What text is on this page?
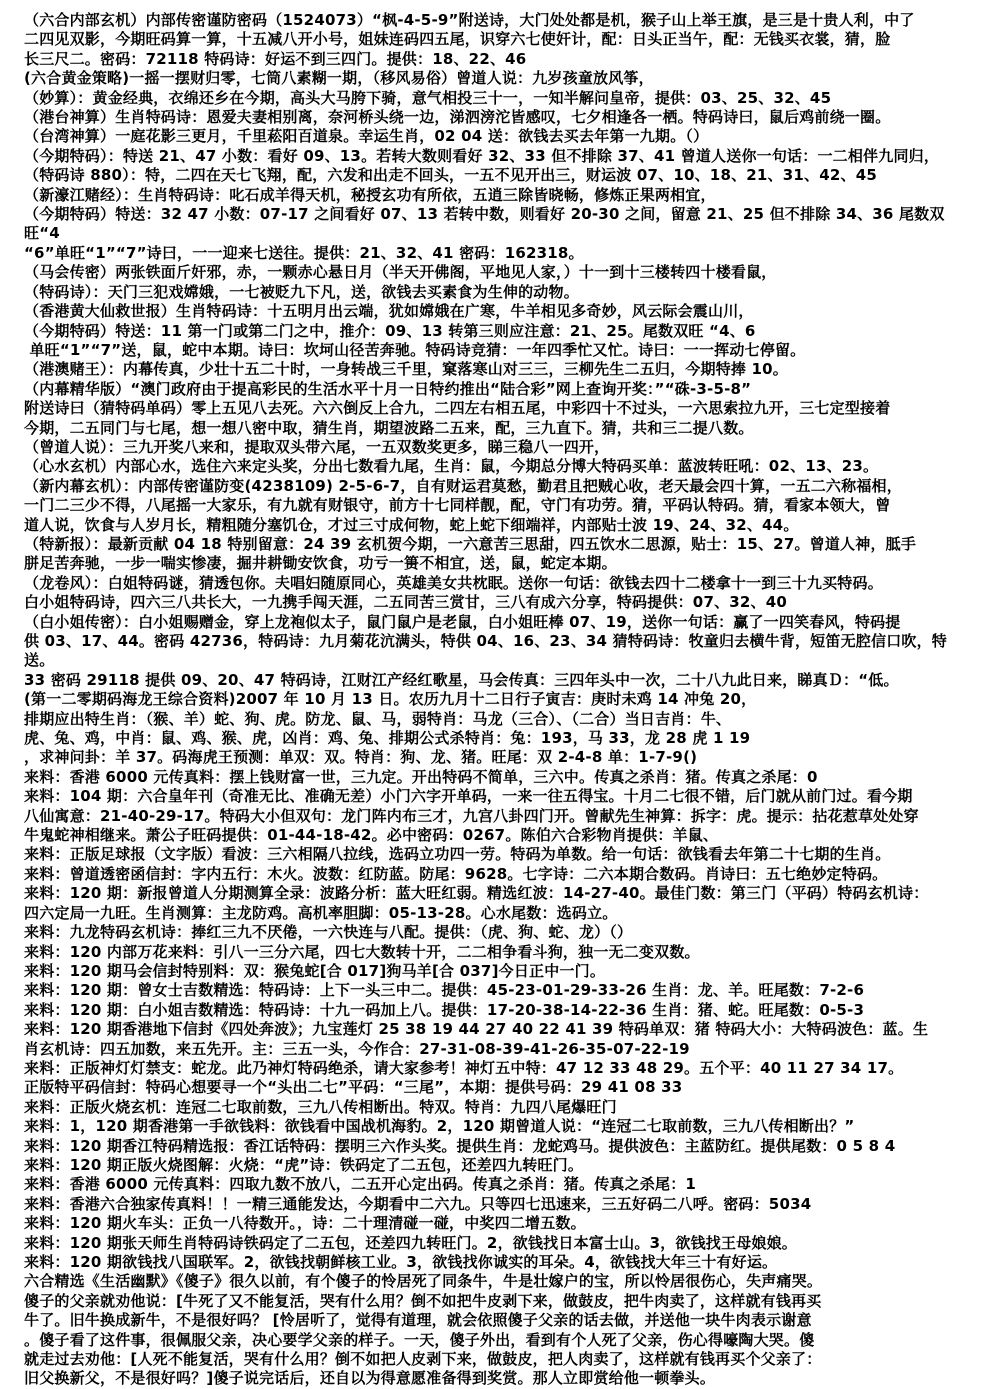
（六合内部玄机）内部传密谨防密码（1524073）“枫-4-5-9”附送诗，大门处处都是机，猴子山上举王旗，是三是十贵人利，中了
二四见双影，今期旺码算一算，十五减八开小号，姐妹连码四五尾，识穿六七使奸计，配：日头正当午，配：无钱买衣裳，猜，脸
长三尺二。密码：72118 特码诗：好运不到三四门。提供：18、22、46
(六合黄金策略)一摇一摆财归零，七筒八素糊一期，（移风易俗）曾道人说：九岁孩童放风筝，
（妙算）：黄金经典，衣绵还乡在今期，高头大马胯下骑，意气相投三十一，一知半解问皇帝，提供：03、25、32、45
（港台神算）生肖特码诗：恩爱夫妻相别离，奈河桥头绕一边，涕泗滂沱皆感叹，七夕相逢各一栖。特码诗曰，鼠后鸡前绕一圈。
（台湾神算）一庭花影三更月，千里菘阳百道泉。幸运生肖，02 04 送：欲钱去买去年第一九期。（）
（今期特码）：特送 21、47 小数：看好 09、13。若转大数则看好 32、33 但不排除 37、41 曾道人送你一句话：一二相伴九同归，
（特码诗 880）：特，二四在天七飞翔，配，六发和出走不回头，一五不见开出三，财运波 07、10、18、21、31、42、45
（新濠江赌经）：生肖特码诗：叱石成羊得天机，秘授玄功有所依，五逍三除皆晓畅，修炼正果两相宜，
（今期特码）特送：32 47 小数：07-17 之间看好 07、13 若转中数，则看好 20-30 之间，留意 21、25 但不排除 34、36 尾数双旺“4
“6”单旺“1”“7”诗曰，一一迎来七送往。提供：21、32、41 密码：162318。
（马会传密）两张铁面斤奸邪，赤，一颗赤心悬日月（半天开佛阁，平地见人家，）十一到十三楼转四十楼看鼠，
（特码诗）：天门三犯戏嫦娥，一七被贬九下凡，送，欲钱去买素食为生伸的动物。
（香港黄大仙救世报）生肖特码诗：十五明月出云端，犹如嫦娥在广寒，牛羊相见多奇妙，风云际会震山川，
（今期特码）特送：11 第一门或第二门之中，推介：09、13 转第三则应注意：21、25。尾数双旺 “4、6
单旺“1”“7”送，鼠，蛇中本期。诗曰：坎坷山径苦奔驰。特码诗竞猜：一年四季忙又忙。诗曰：一一挥动七停留。
（港澳赌王）：内幕传真，少壮十五二十时，一身转战三千里，窠落寒山对三三，三柳先生二五归，今期特捧 10。
（内幕精华版）“澳门政府由于提高彩民的生活水平十月一日特约推出“陆合彩”网上查询开奖：”“硃-3-5-8”
附送诗曰（猜特码单码）零上五见八去死。六六倒反上合九，二四左右相五尾，中彩四十不过头，一六思索拉九开，三七定型接着
今期，二五同门与七尾，想一想八密中取，猜生肖，期望波路二五来，配，三九直下。猜，共和三二提八数。
（曾道人说）：三九开奖八来和，提取双头带六尾，一五双数奖更多，睇三稳八一四开，
（心水玄机）内部心水，选住六来定头奖，分出七数看九尾，生肖：鼠，今期总分博大特码买单：蓝波转旺吼：02、13、23。
（新内幕玄机）：内部传密谨防变(4238109) 2-5-6-7，自有财运君莫愁，勤君且把贼心收，老天最会四十算，一五二六称福相，
一门二三少不得，八尾摇一大家乐，有九就有财银守，前方十七同样靓，配，守门有功劳。猜，平码认特码。猜，看家本领大，曾
道人说，饮食与人岁月长，精粗随分塞饥仓，才过三寸成何物，蛇上蛇下细端祥，内部贴士波 19、24、32、44。
（特新报）：最新贡献 04 18 特别留意：24 39 玄机贺今期，一六意苦三思甜，四五饮水二思源，贴士：15、27。曾道人神，胝手
胼足苦奔驰，一步一喘实惨凄，掘井耕锄安饮食，功亏一篑不相宜，送，鼠，蛇定本期。
（龙卷风）：白姐特码谜，猜透包你。夫唱妇随原同心，英雄美女共枕眠。送你一句话：欲钱去四十二楼拿十一到三十九买特码。
白小姐特码诗，四六三八共长大，一九携手闯天涯，二五同苦三赏甘，三八有成六分享，特码提供：07、32、40
（白小姐传密）：白小姐赐赠金，穿上龙袍似太子，鼠门鼠户是老鼠，白小姐旺棒 07、19，送你一句话：赢了一四笑春风，特码提
供 03、17、44。密码 42736，特码诗：九月菊花沆满头，特供 04、16、23、34 猜特码诗：牧童归去横牛背，短笛无腔信口吹，特送。
33 密码 29118 提供 09、20、47 特码诗，江财江产经红歌星，马会传真：三四年头中一次，二十八九此日来，睇真Ｄ：“低。
(第一二零期码海龙王综合资料)2007 年 10 月 13 日。农历九月十二日行子寅吉：庚时未鸡 14 冲兔 20，
排期应出特生肖：（猴、羊）蛇、狗、虎。防龙、鼠、马，弱特肖：马龙（三合）、（二合）当日吉肖：牛、
虎、兔、鸡，中肖：鼠、鸡、猴、虎，凶肖：鸡、兔、排期公式杀特肖：兔：193，马 33，龙 28 虎 1 19
，求神问卦：羊 37。码海虎王预测：单双：双。特肖：狗、龙、猪。旺尾：双 2-4-8 单：1-7-9()
来料：香港 6000 元传真料：摆上钱财富一世，三九定。开出特码不简单，三六中。传真之杀肖：猪。传真之杀尾：0
来料：104 期：六合皇年刊（奇准无比、准确无差）小门六字开单码，一来一往五得宝。十月二七很不错，后门就从前门过。看今期
八仙寓意：21-40-29-17。特码大小但双句：龙门阵内布三才，九宫八卦四门开。曾献先生神算：拆字：虎。提示：拈花惹草处处穿
牛鬼蛇神相继来。萧公子旺码提供：01-44-18-42。必中密码：0267。陈伯六合彩物肖提供：羊鼠、
来料：正版足球报（文字版）看波：三六相隔八拉线，选码立功四一劳。特码为单数。给一句话：欲钱看去年第二十七期的生肖。
来料：曾道透密函信封：字内五行：木火。波数：红防蓝。防尾：9628。七字诗：二六本期合数码。肖诗曰：五七绝妙定特码。
来料：120 期：新报曾道人分期测算全录：波路分析：蓝大旺红弱。精选红波：14-27-40。最佳门数：第三门（平码）特码玄机诗：
四六定局一九旺。生肖测算：主龙防鸡。高机率胆脚：05-13-28。心水尾数：选码立。
来料：九龙特码玄机诗：捧红三九不厌倦，一六快连与八配。提供：（虎、狗、蛇、龙）（）
来料：120 内部万花来料：引八一三分六尾，四七大数转十开，二二相争看斗狗，独一无二变双数。
来料：120 期马会信封特别料：双：猴兔蛇[合 017]狗马羊[合 037]今日正中一门。
来料：120 期：曾女士吉数精选：特码诗：上下一头三中二。提供：45-23-01-29-33-26 生肖：龙、羊。旺尾数：7-2-6
来料：120 期：白小姐吉数精选：特码诗：十九一码加上八。提供：17-20-38-14-22-36 生肖：猪、蛇。旺尾数：0-5-3
来料：120 期香港地下信封《四处奔波》；九宝莲灯 25 38 19 44 27 40 22 41 39 特码单双：猪 特码大小：大特码波色：蓝。生
肖玄机诗：四五加数，来五先开。主：三五一头，今作合：27-31-08-39-41-26-35-07-22-19
来料：正版神灯灯禁支：蛇龙。此乃神灯特码绝杀，请大家参考！神灯五中特：47 12 33 48 29。五个平：40 11 27 34 17。
正版特平码信封：特码心想要寻一个“头出二七”平码：“三尾”，本期：提供号码：29 41 08 33
来料：正版火烧玄机：连冠二七取前数，三九八传相断出。特双。特肖：九四八尾爆旺门
来料：1，120 期香港第一手欲钱料：欲钱看中国战机海豹。2，120 期曾道人说：“连冠二七取前数，三九八传相断出？”
来料：120 期香江特码精选报：香江话特码：摆明三六作头奖。提供生肖：龙蛇鸡马。提供波色：主蓝防红。提供尾数：0 5 8 4
来料：120 期正版火烧图解：火烧：“虎”诗：铁码定了二五包，还差四九转旺门。
来料：香港 6000 元传真料：四取九数不放八，二五开心定出码。传真之杀肖：猪。传真之杀尾：1
来料：香港六合独家传真料！！一精三通能发达，今期看中二六九。只等四七迅速来，三五好码二八呼。密码：5034
来料：120 期火车头：正负一八待数开。，诗：二十理清碰一碰，中奖四二增五数。
来料：120 期张天师生肖特码诗铁码定了二五包，还差四九转旺门。2，欲钱找日本富士山。3，欲钱找王母娘娘。
来料：120 期欲钱找八国联军。2，欲钱找朝鲜核工业。3，欲钱找你诚实的耳朵。4，欲钱找大年三十有好运。
六合精选《生活幽默》《傻子》很久以前，有个傻子的怜居死了同条牛，牛是壮嫁户的宝，所以怜居很伤心，失声痛哭。
傻子的父亲就劝他说：[牛死了又不能复活，哭有什么用？倒不如把牛皮剥下来，做鼓皮，把牛肉卖了，这样就有钱再买
牛了。旧牛换成新牛，不是很好吗？ [怜居听了，觉得有道理，就会依照傻子父亲的话去做，并送他一块牛肉表示谢意
。傻子看了这件事，很佩服父亲，决心要学父亲的样子。一天，傻子外出，看到有个人死了父亲，伤心得嚎陶大哭。傻
就走过去劝他：[人死不能复活，哭有什么用？倒不如把人皮剥下来，做鼓皮，把人肉卖了，这样就有钱再买个父亲了：
旧父换新父，不是很好吗？]傻子说完话后，还自以为得意愿准备得到奖赏。那人立即赏给他一顿拳头。
